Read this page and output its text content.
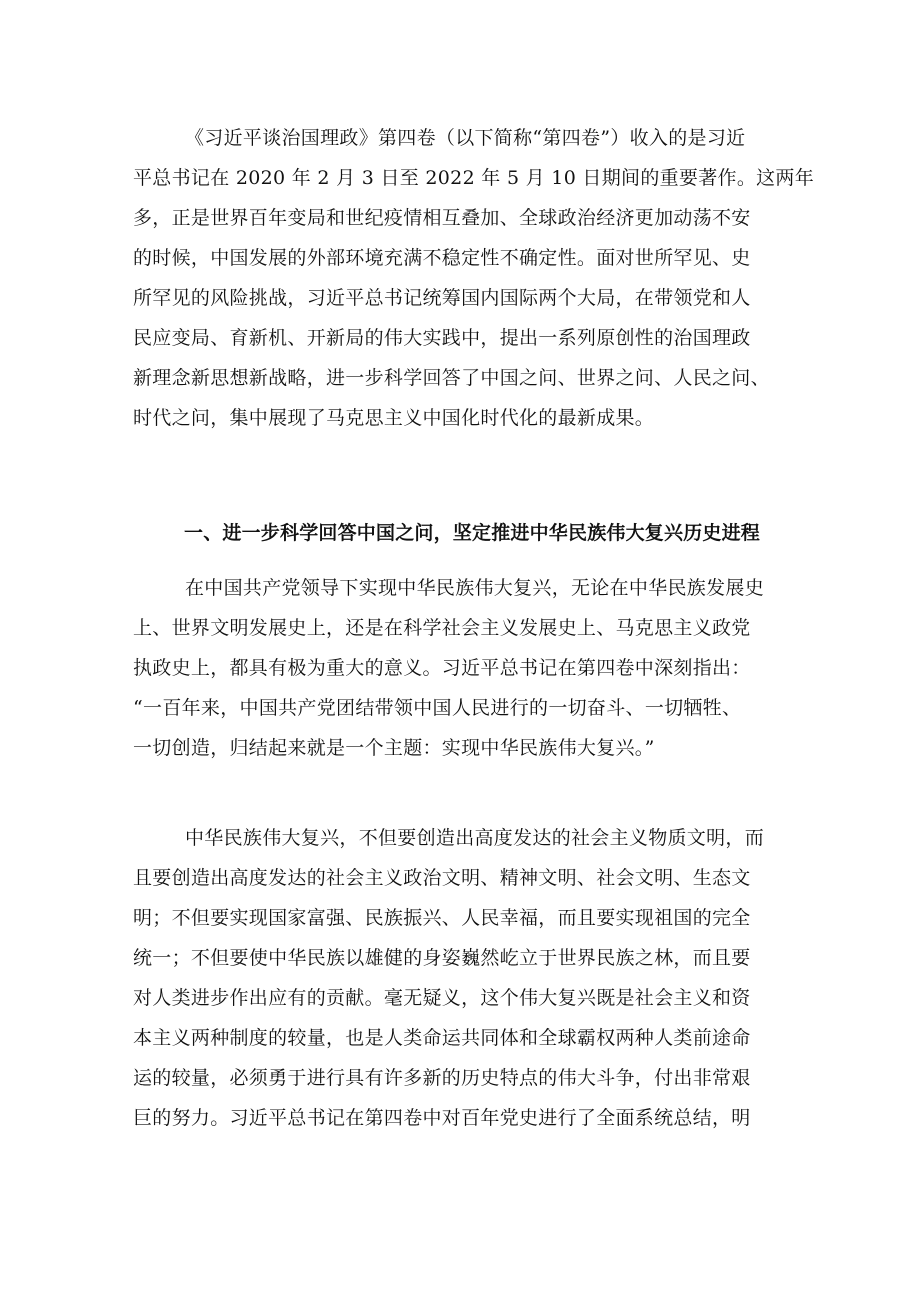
《习近平谈治国理政》第四卷（以下简称“第四卷”）收入的是习近
平总书记在 2020 年 2 月 3 日至 2022 年 5 月 10 日期间的重要著作。这两年
多，正是世界百年变局和世纪疫情相互叠加、全球政治经济更加动荡不安
的时候，中国发展的外部环境充满不稳定性不确定性。面对世所罕见、史
所罕见的风险挑战，习近平总书记统筹国内国际两个大局，在带领党和人
民应变局、育新机、开新局的伟大实践中，提出一系列原创性的治国理政
新理念新思想新战略，进一步科学回答了中国之问、世界之问、人民之问、
时代之问，集中展现了马克思主义中国化时代化的最新成果。
一、进一步科学回答中国之问，坚定推进中华民族伟大复兴历史进程
在中国共产党领导下实现中华民族伟大复兴，无论在中华民族发展史
上、世界文明发展史上，还是在科学社会主义发展史上、马克思主义政党
执政史上，都具有极为重大的意义。习近平总书记在第四卷中深刻指出：
“一百年来，中国共产党团结带领中国人民进行的一切奋斗、一切牺牲、
一切创造，归结起来就是一个主题：实现中华民族伟大复兴。”
中华民族伟大复兴，不但要创造出高度发达的社会主义物质文明，而
且要创造出高度发达的社会主义政治文明、精神文明、社会文明、生态文
明；不但要实现国家富强、民族振兴、人民幸福，而且要实现祖国的完全
统一；不但要使中华民族以雄健的身姿巍然屹立于世界民族之林，而且要
对人类进步作出应有的贡献。毫无疑义，这个伟大复兴既是社会主义和资
本主义两种制度的较量，也是人类命运共同体和全球霸权两种人类前途命
运的较量，必须勇于进行具有许多新的历史特点的伟大斗争，付出非常艰
巨的努力。习近平总书记在第四卷中对百年党史进行了全面系统总结，明
